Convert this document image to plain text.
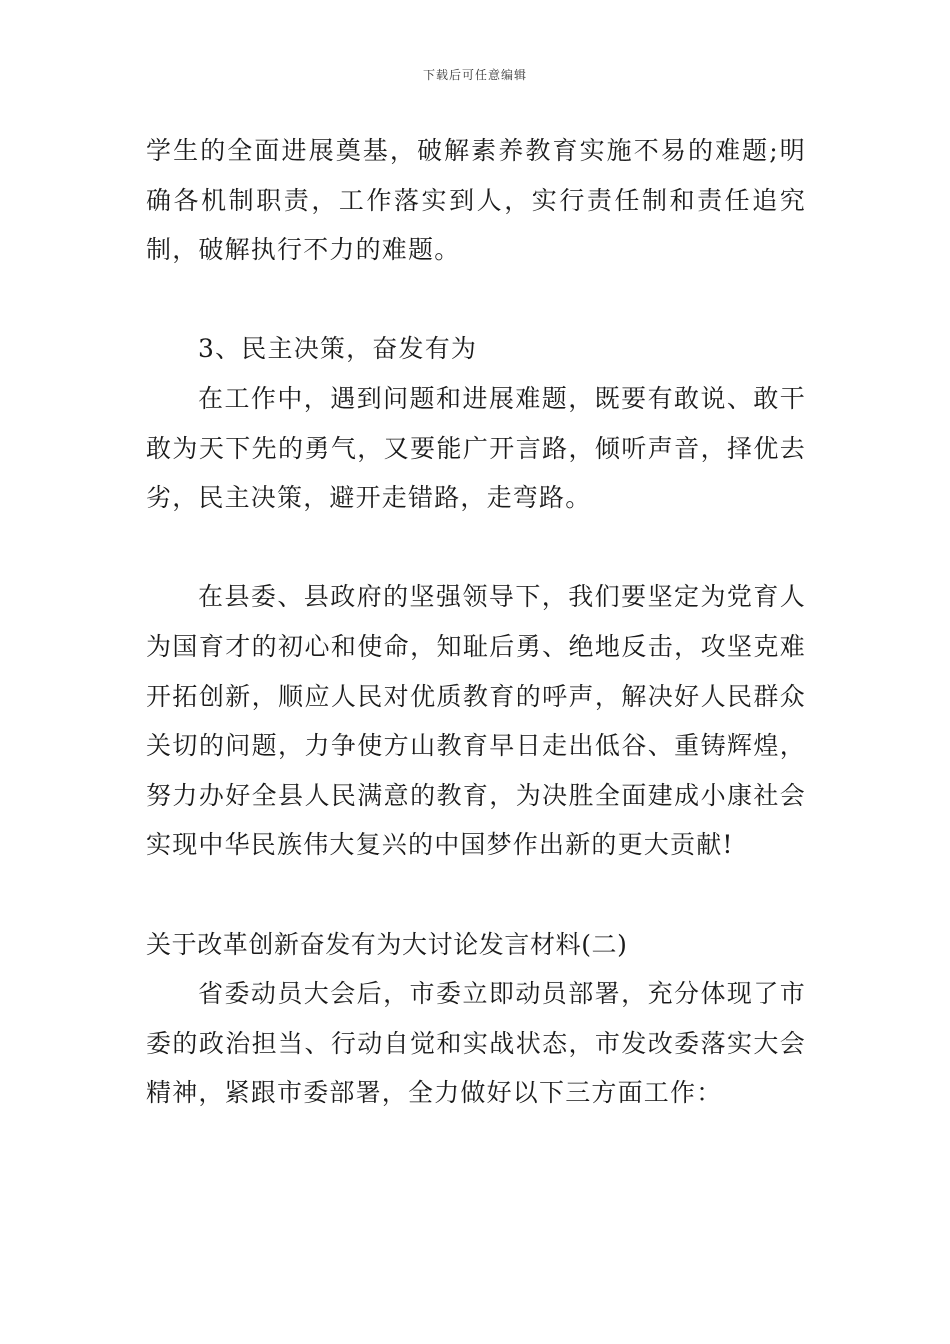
下载后可任意编辑

学生的全面进展奠基，破解素养教育实施不易的难题;明确各机制职责，工作落实到人，实行责任制和责任追究制，破解执行不力的难题。

3、民主决策，奋发有为

在工作中，遇到问题和进展难题，既要有敢说、敢干敢为天下先的勇气，又要能广开言路，倾听声音，择优去劣，民主决策，避开走错路，走弯路。

在县委、县政府的坚强领导下，我们要坚定为党育人为国育才的初心和使命，知耻后勇、绝地反击，攻坚克难开拓创新，顺应人民对优质教育的呼声，解决好人民群众关切的问题，力争使方山教育早日走出低谷、重铸辉煌，努力办好全县人民满意的教育，为决胜全面建成小康社会实现中华民族伟大复兴的中国梦作出新的更大贡献!

关于改革创新奋发有为大讨论发言材料(二)

省委动员大会后，市委立即动员部署，充分体现了市委的政治担当、行动自觉和实战状态，市发改委落实大会精神，紧跟市委部署，全力做好以下三方面工作：
